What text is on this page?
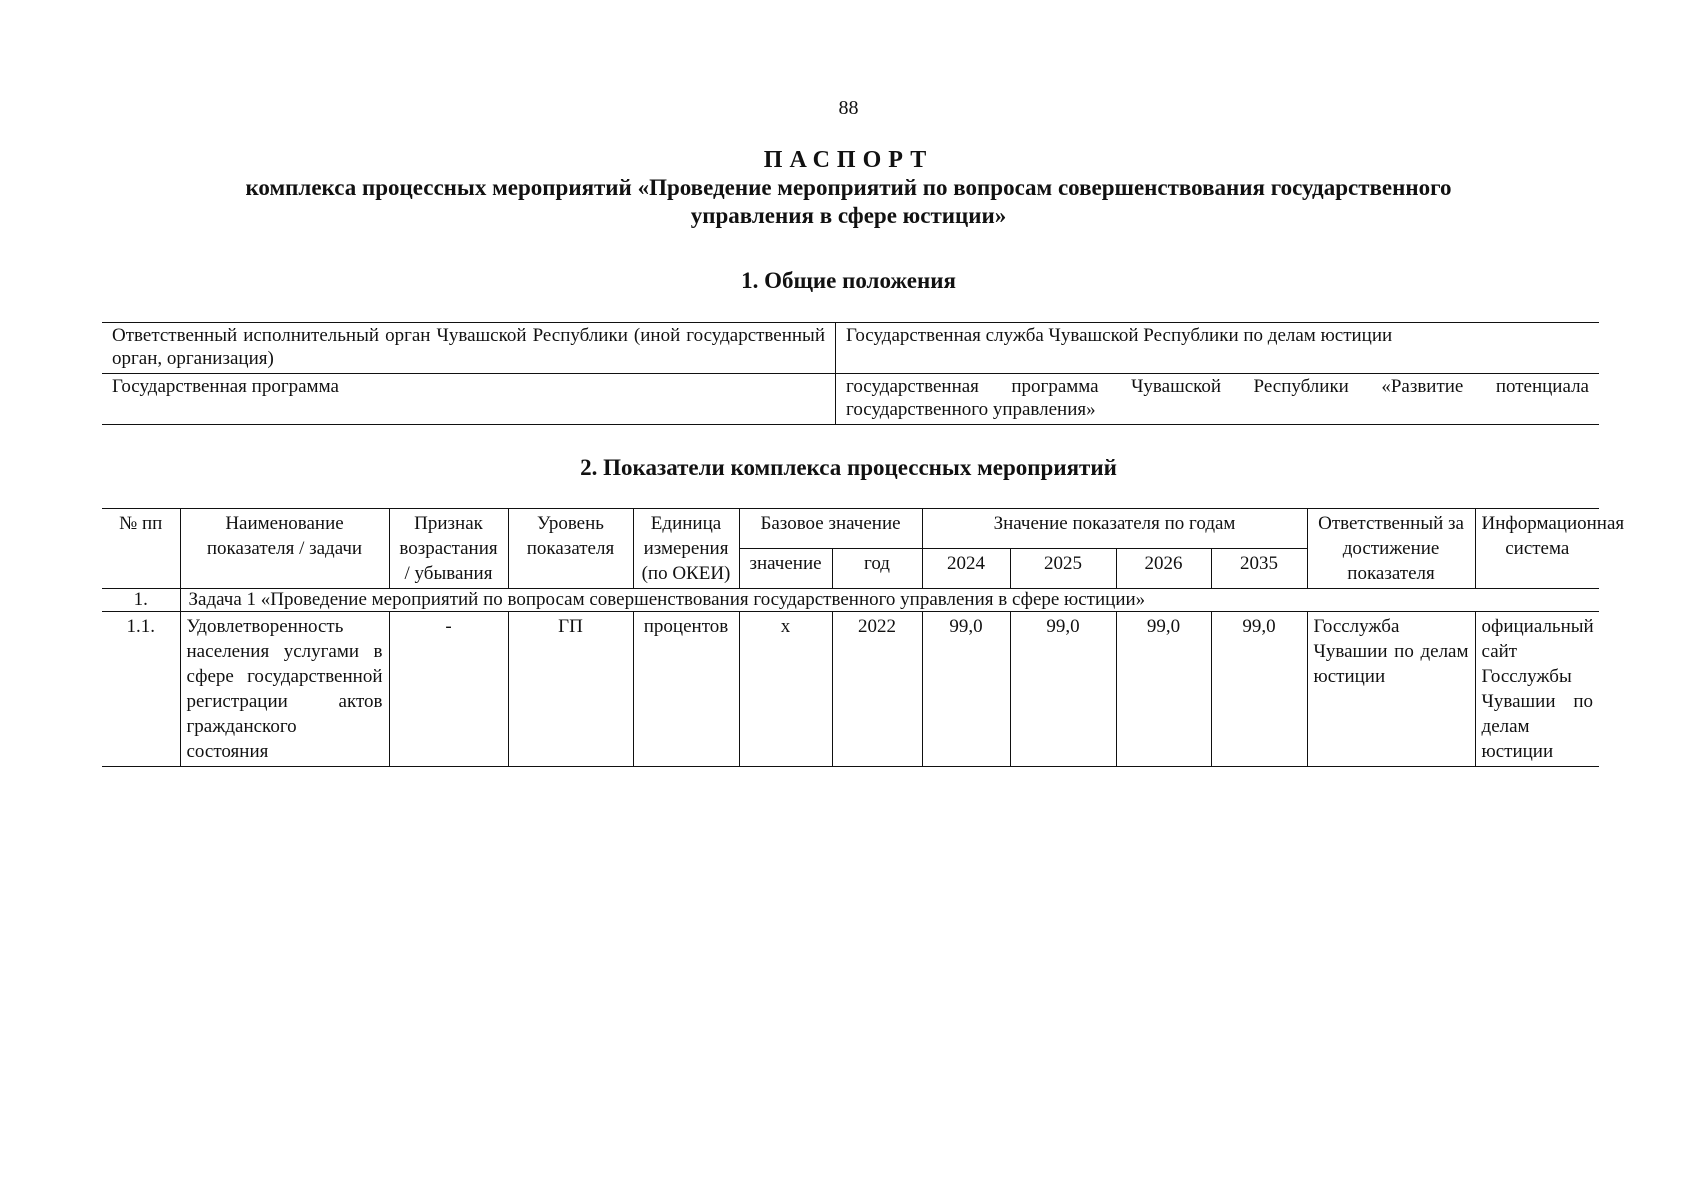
88
ПАСПОРТ
комплекса процессных мероприятий «Проведение мероприятий по вопросам совершенствования государственного
управления в сфере юстиции»
1. Общие положения
Ответственный исполнительный орган Чувашской Республики (иной государственный орган, организация)	Государственная служба Чувашской Республики по делам юстиции
Государственная программа	государственная программа Чувашской Республики «Развитие потенциала государственного управления»
2. Показатели комплекса процессных мероприятий
№ пп	Наименование показателя / задачи	Признак возрастания / убывания	Уровень показателя	Единица измерения (по ОКЕИ)	Базовое значение		Значение показателя по годам				Ответственный за достижение показателя	Информационная система
					значение	год	2024	2025	2026	2035		
1.	Задача 1 «Проведение мероприятий по вопросам совершенствования государственного управления в сфере юстиции»											
1.1.	Удовлетворенность населения услугами в сфере государственной регистрации актов гражданского состояния	-	ГП	процентов	х	2022	99,0	99,0	99,0	99,0	Госслужба Чувашии по делам юстиции	официальный сайт Госслужбы Чувашии по делам юстиции
